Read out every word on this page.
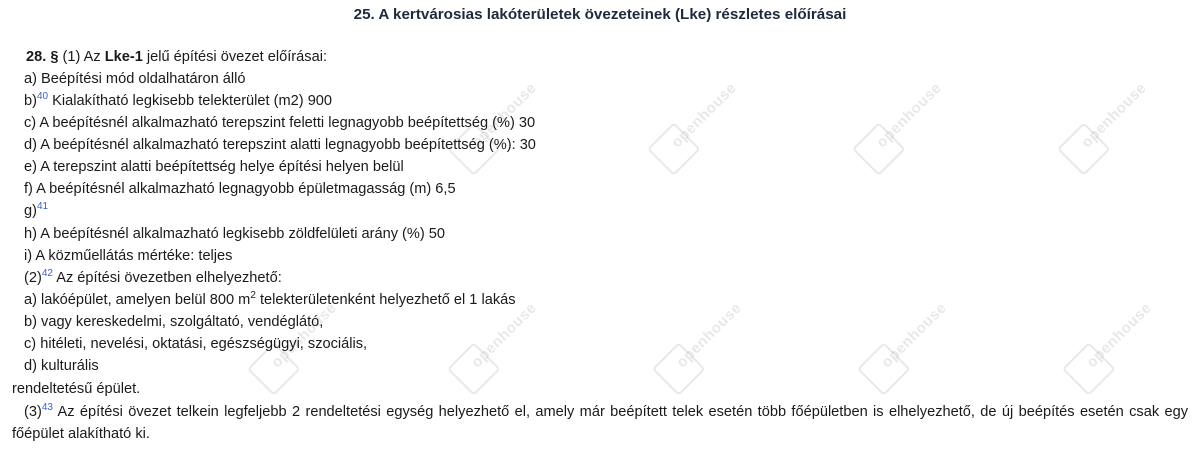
openhouse	openhouse	openhouse
openhouse
openhouse	openhouse	openhouse	openhouse
openhouse
25. A kertvárosias lakóterületek övezeteinek (Lke) részletes előírásai
28. § (1) Az Lke-1 jelű építési övezet előírásai:
a) Beépítési mód oldalhatáron álló
b)$^{40}$ Kialakítható legkisebb telekterület (m2) 900
c) A beépítésnél alkalmazható terepszint feletti legnagyobb beépítettség (%) 30
d) A beépítésnél alkalmazható terepszint alatti legnagyobb beépítettség (%): 30
e) A terepszint alatti beépítettség helye építési helyen belül
f) A beépítésnél alkalmazható legnagyobb épületmagasság (m) 6,5
g)$^{41}$
h) A beépítésnél alkalmazható legkisebb zöldfelületi arány (%) 50
i) A közműellátás mértéke: teljes
(2)$^{42}$ Az építési övezetben elhelyezhető:
a) lakóépület, amelyen belül 800 $m^2$ telekterületenként helyezhető el 1 lakás
b) vagy kereskedelmi, szolgáltató, vendéglátó,
c) hitéleti, nevelési, oktatási, egészségügyi, szociális,
d) kulturális
rendeltetésű épület.
(3)$^{43}$ Az építési övezet telkein legfeljebb 2 rendeltetési egység helyezhető el, amely már beépített telek esetén több főépületben is elhelyezhető, de új beépítés esetén csak egy főépület alakítható ki.
